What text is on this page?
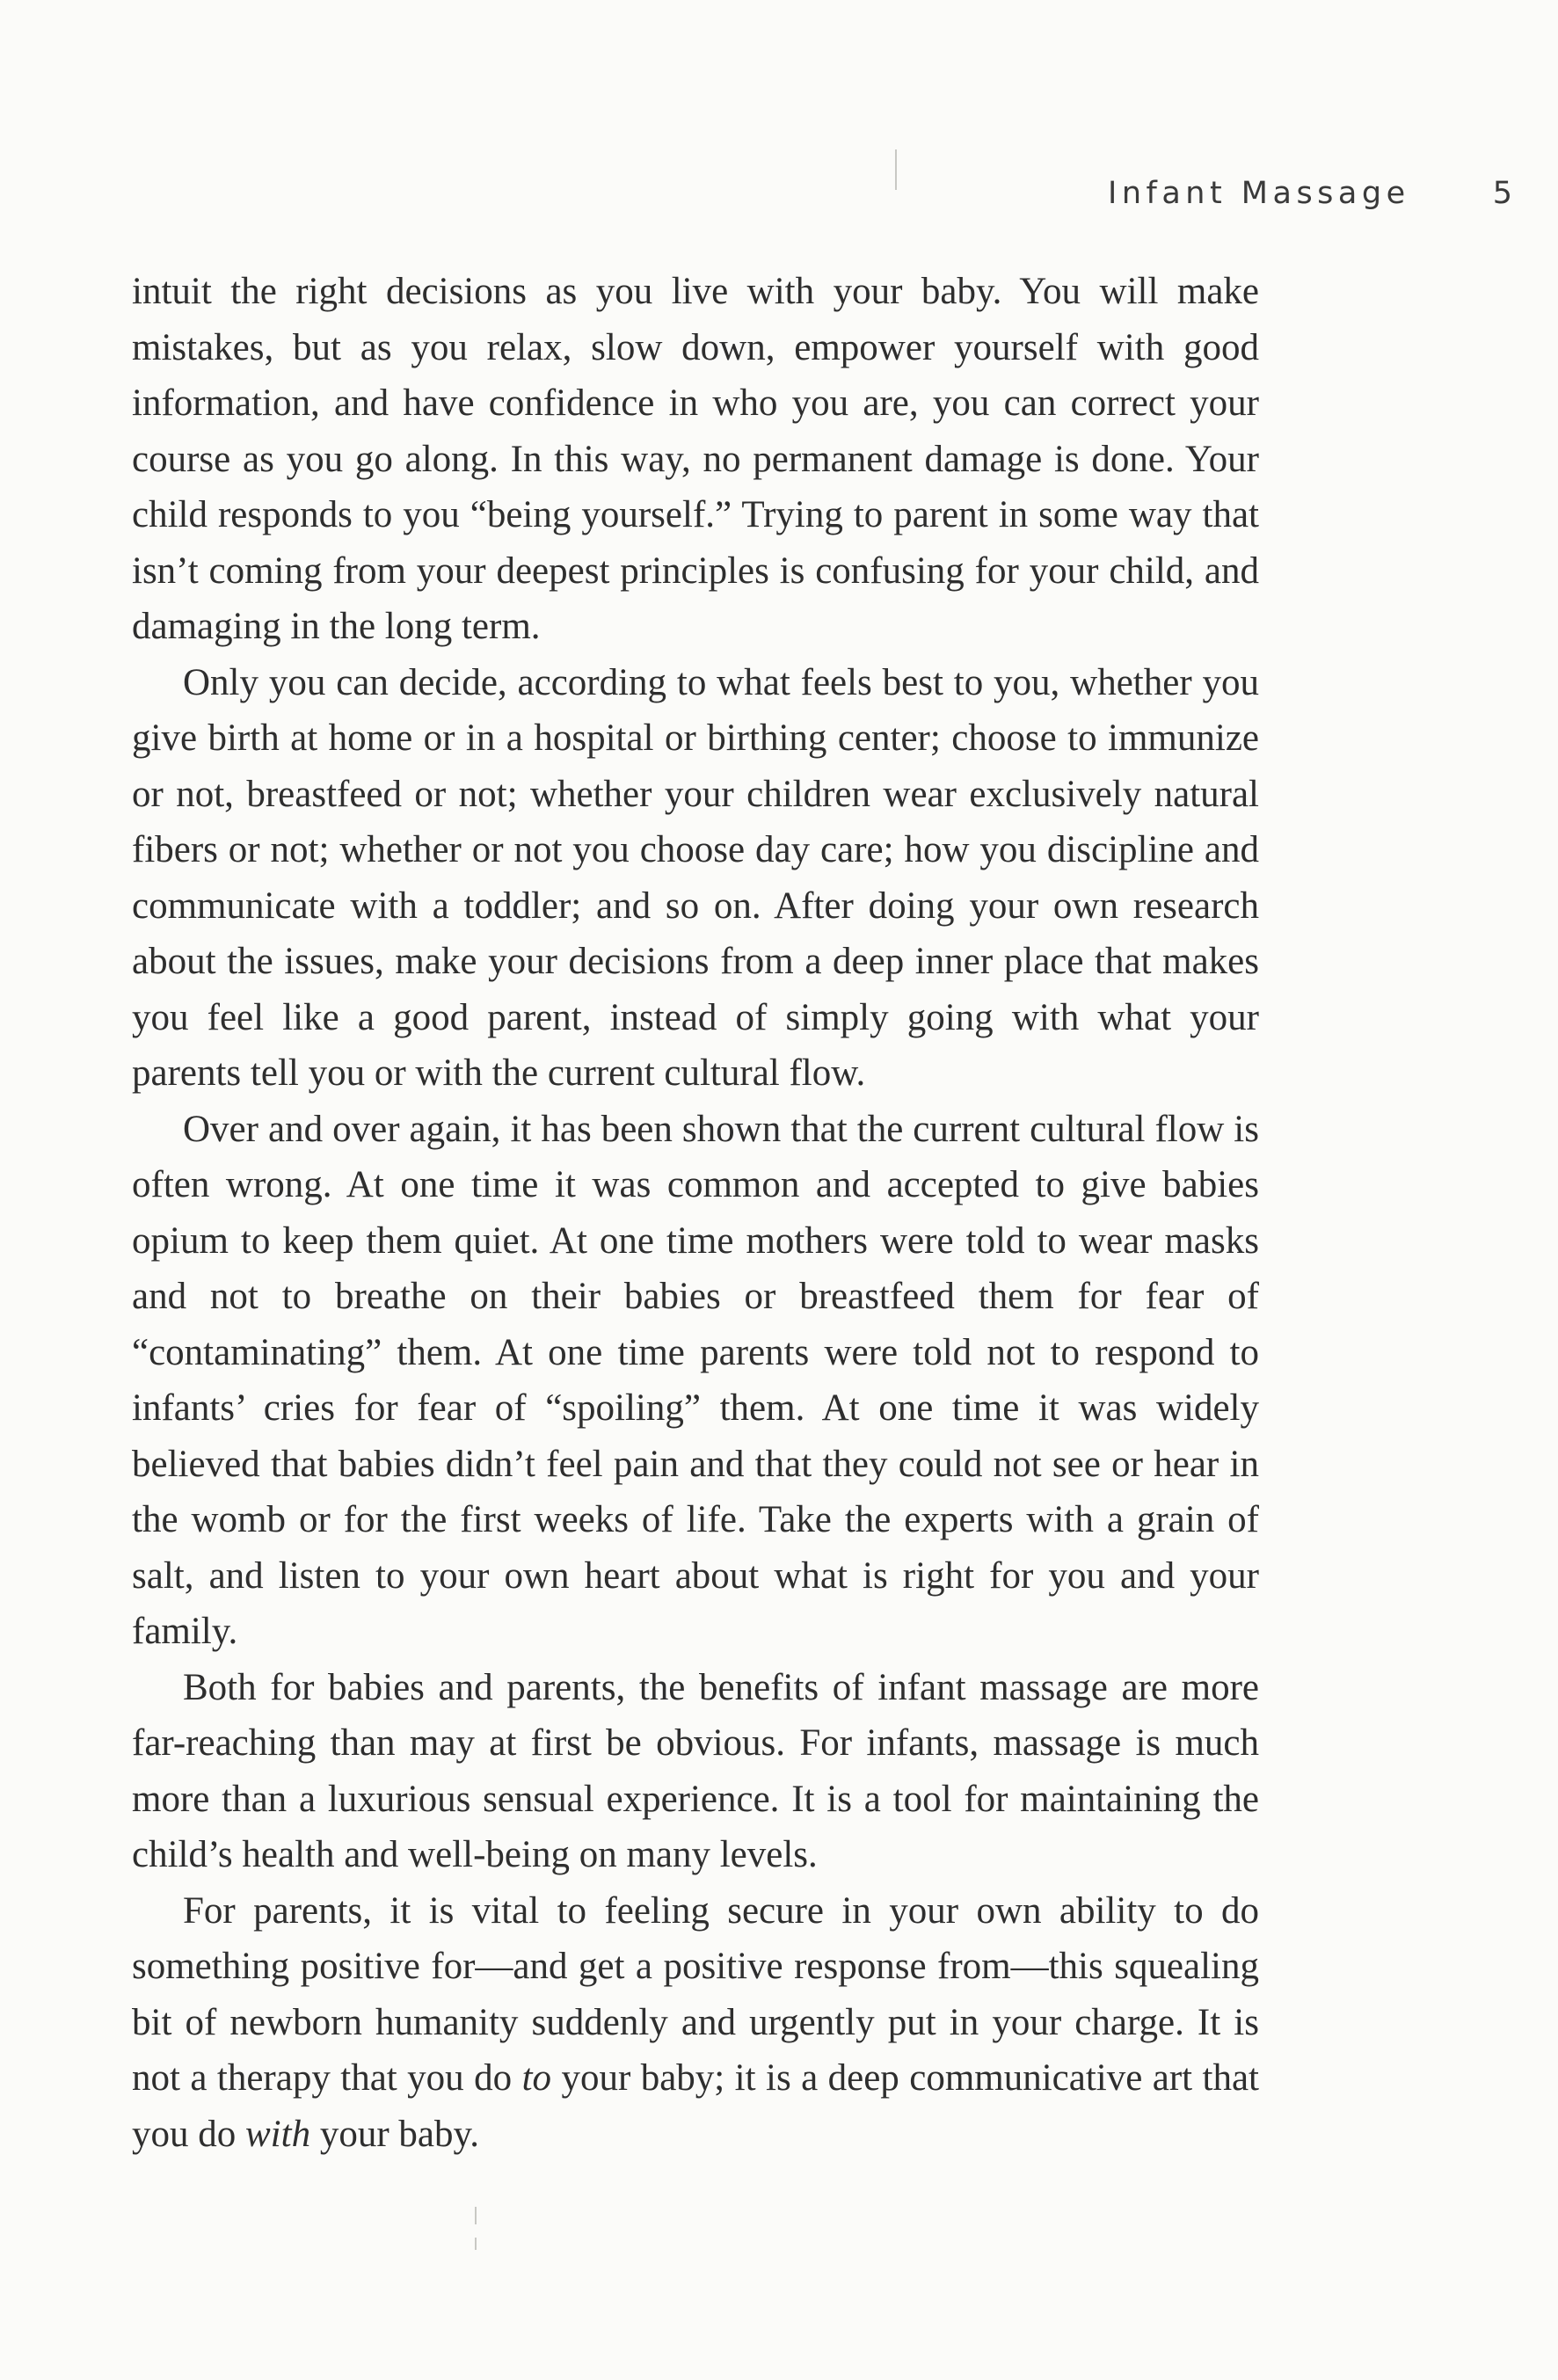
Infant Massage	5

intuit the right decisions as you live with your baby. You will make mistakes, but as you relax, slow down, empower yourself with good information, and have confidence in who you are, you can correct your course as you go along. In this way, no permanent damage is done. Your child responds to you “being yourself.” Trying to parent in some way that isn’t coming from your deepest principles is confusing for your child, and damaging in the long term.

Only you can decide, according to what feels best to you, whether you give birth at home or in a hospital or birthing center; choose to immunize or not, breastfeed or not; whether your children wear exclusively natural fibers or not; whether or not you choose day care; how you discipline and communicate with a toddler; and so on. After doing your own research about the issues, make your decisions from a deep inner place that makes you feel like a good parent, instead of simply going with what your parents tell you or with the current cultural flow.

Over and over again, it has been shown that the current cultural flow is often wrong. At one time it was common and accepted to give babies opium to keep them quiet. At one time mothers were told to wear masks and not to breathe on their babies or breastfeed them for fear of “contaminating” them. At one time parents were told not to respond to infants’ cries for fear of “spoiling” them. At one time it was widely believed that babies didn’t feel pain and that they could not see or hear in the womb or for the first weeks of life. Take the experts with a grain of salt, and listen to your own heart about what is right for you and your family.

Both for babies and parents, the benefits of infant massage are more far-reaching than may at first be obvious. For infants, massage is much more than a luxurious sensual experience. It is a tool for maintaining the child’s health and well-being on many levels.

For parents, it is vital to feeling secure in your own ability to do something positive for—and get a positive response from—this squealing bit of newborn humanity suddenly and urgently put in your charge. It is not a therapy that you do to your baby; it is a deep communicative art that you do with your baby.
